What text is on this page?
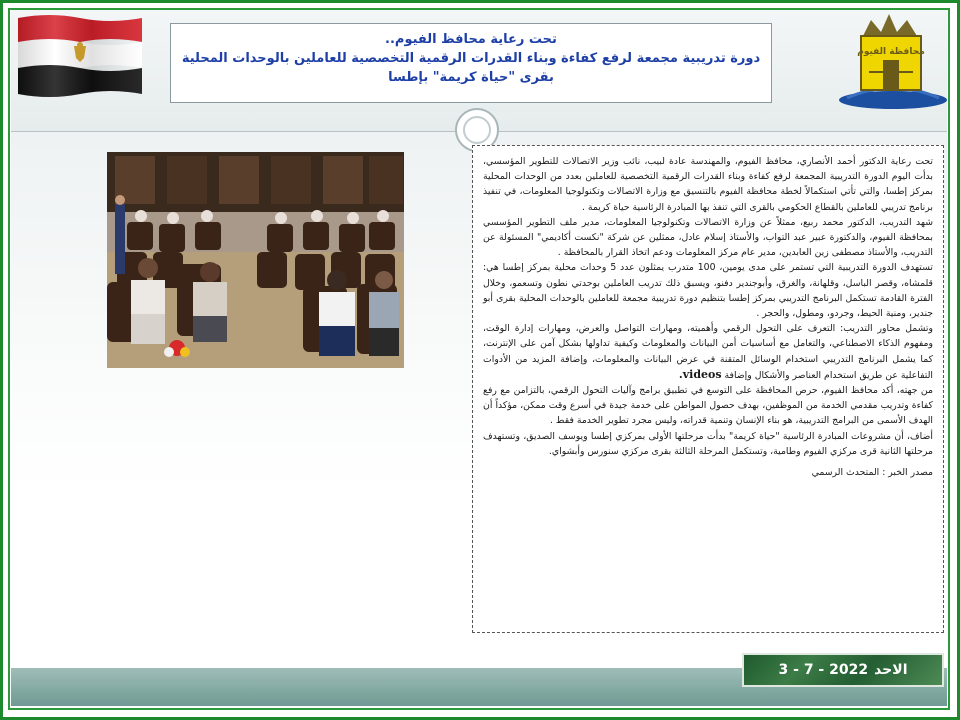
محافظة الفيوم
تحت رعاية محافظ الفيوم..
دورة تدريبية مجمعة لرفع كفاءة وبناء القدرات الرقمية التخصصية للعاملين بالوحدات المحلية
بقرى "حياة كريمة" بإطسا

تحت رعاية الدكتور أحمد الأنصاري، محافظ الفيوم، والمهندسة عادة لبيب، نائب وزير الاتصالات للتطوير المؤسسي، بدأت اليوم الدورة التدريبية المجمعة لرفع كفاءة وبناء القدرات الرقمية التخصصية للعاملين بعدد من الوحدات المحلية بمركز إطسا، والتي تأتي استكمالاً لخطة محافظة الفيوم بالتنسيق مع وزارة الاتصالات وتكنولوجيا المعلومات، في تنفيذ برنامج تدريبي للعاملين بالقطاع الحكومي بالقرى التي تنفذ بها المبادرة الرئاسية حياة كريمة .

شهد التدريب، الدكتور محمد ربيع، ممثلاً عن وزارة الاتصالات وتكنولوجيا المعلومات، مدير ملف التطوير المؤسسي بمحافظة الفيوم، والدكتورة عبير عبد التواب، والأستاذ إسلام عادل، ممثلين عن شركة "نكست أكاديمي" المسئولة عن التدريب، والأستاذ مصطفى زين العابدين، مدير عام مركز المعلومات ودعم اتخاذ القرار بالمحافظة .

تستهدف الدورة التدريبية التي تستمر على مدى يومين، 100 متدرب يمثلون عدد 5 وحدات محلية بمركز إطسا هي: قلمشاه، وقصر الباسل، وقلهانة، والغرق، وأبوجندير دفنو، ويسبق ذلك تدريب العاملين بوحدتي نطون وتسعمو، وخلال الفترة القادمة تستكمل البرنامج التدريبي بمركز إطسا بتنظيم دورة تدريبية مجمعة للعاملين بالوحدات المحلية بقرى أبو جندير، ومنية الحيط، وجردو، ومطول، والحجر .

وتشمل محاور التدريب: التعرف على التحول الرقمي وأهميته، ومهارات التواصل والعرض، ومهارات إدارة الوقت، ومفهوم الذكاء الاصطناعي، والتعامل مع أساسيات أمن البيانات والمعلومات وكيفية تداولها بشكل آمن على الإنترنت، كما يشمل البرنامج التدريبي استخدام الوسائل المتقنة في عرض البيانات والمعلومات، وإضافة المزيد من الأدوات التفاعلية عن طريق استخدام العناصر والأشكال وإضافة videos.

من جهته، أكد محافظ الفيوم، حرص المحافظة على التوسع في تطبيق برامج وآليات التحول الرقمي، بالتزامن مع رفع كفاءة وتدريب مقدمي الخدمة من الموظفين، بهدف حصول المواطن على خدمة جيدة في أسرع وقت ممكن، مؤكداً أن الهدف الأسمى من البرامج التدريبية، هو بناء الإنسان وتنمية قدراته، وليس مجرد تطوير الخدمة فقط .

أضاف، أن مشروعات المبادرة الرئاسية "حياة كريمة" بدأت مرحلتها الأولى بمركزي إطسا ويوسف الصديق، وتستهدف مرحلتها الثانية قرى مركزي الفيوم وطامية، وتستكمل المرحلة الثالثة بقرى مركزي سنورس وأبشواي.

مصدر الخبر : المتحدث الرسمي

الاحد
3 - 7 - 2022
